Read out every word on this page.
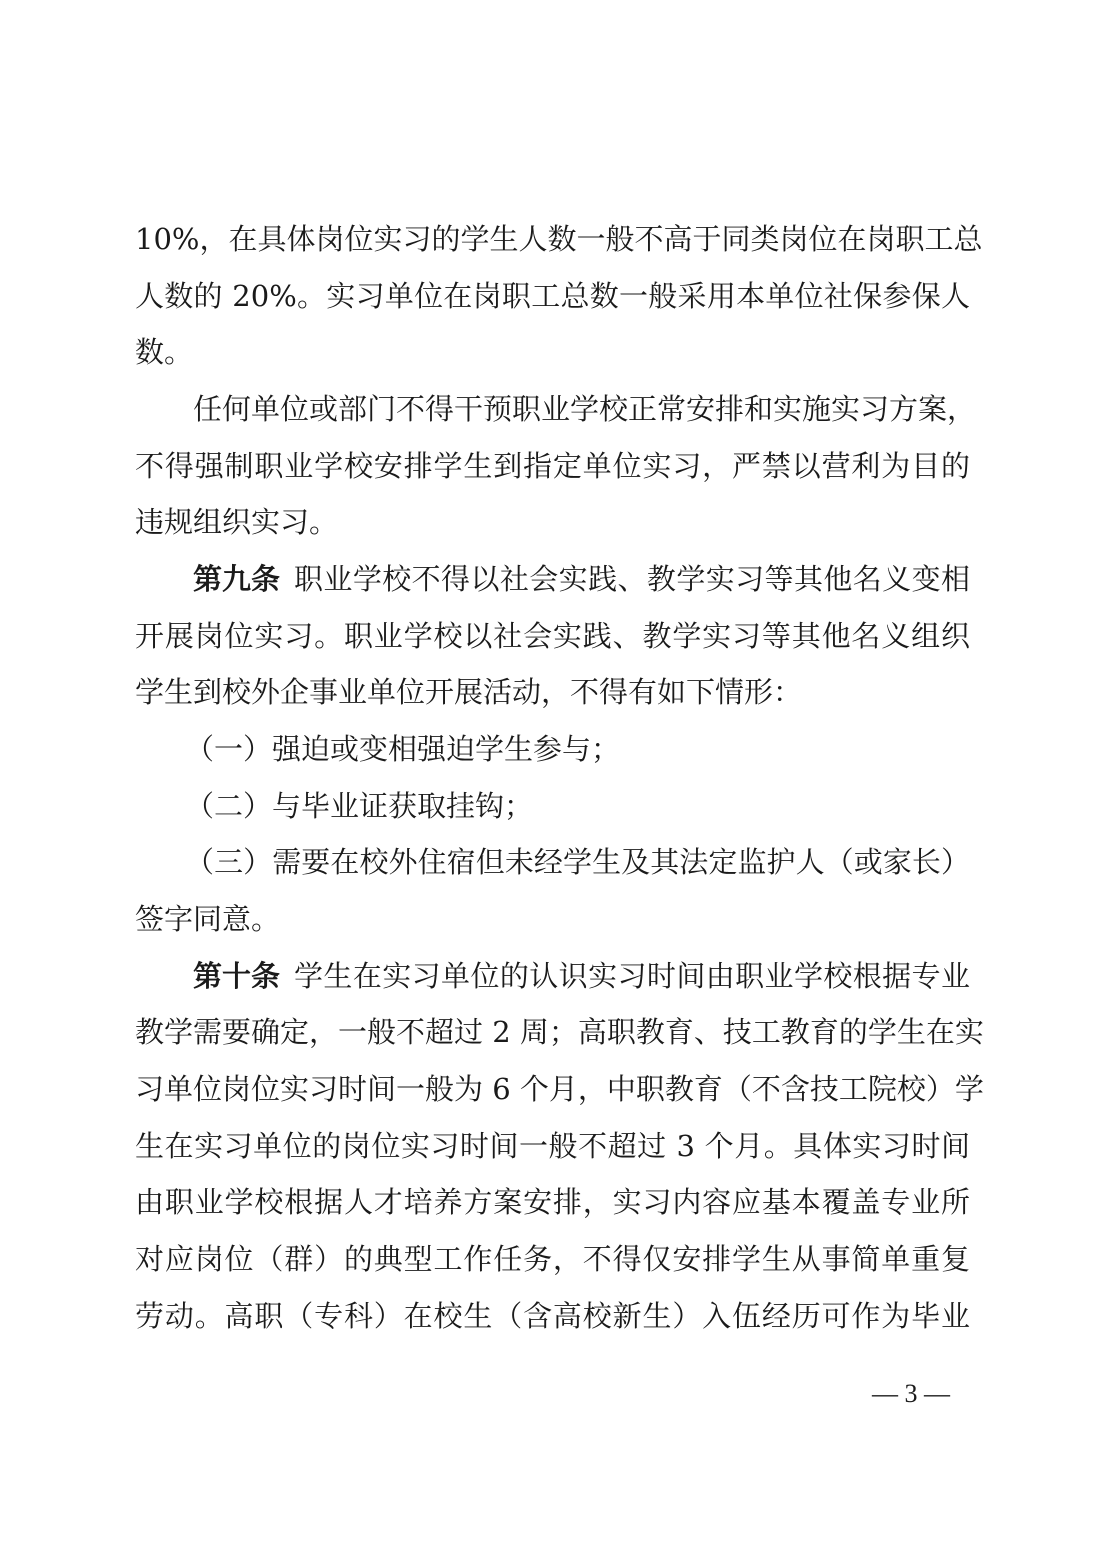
10%，在具体岗位实习的学生人数一般不高于同类岗位在岗职工总
人数的 20%。实习单位在岗职工总数一般采用本单位社保参保人
数。
任何单位或部门不得干预职业学校正常安排和实施实习方案，
不得强制职业学校安排学生到指定单位实习，严禁以营利为目的
违规组织实习。
第九条 职业学校不得以社会实践、教学实习等其他名义变相
开展岗位实习。职业学校以社会实践、教学实习等其他名义组织
学生到校外企事业单位开展活动，不得有如下情形：
（一）强迫或变相强迫学生参与；
（二）与毕业证获取挂钩；
（三）需要在校外住宿但未经学生及其法定监护人（或家长）
签字同意。
第十条 学生在实习单位的认识实习时间由职业学校根据专业
教学需要确定，一般不超过 2 周；高职教育、技工教育的学生在实
习单位岗位实习时间一般为 6 个月，中职教育（不含技工院校）学
生在实习单位的岗位实习时间一般不超过 3 个月。具体实习时间
由职业学校根据人才培养方案安排，实习内容应基本覆盖专业所
对应岗位（群）的典型工作任务，不得仅安排学生从事简单重复
劳动。高职（专科）在校生（含高校新生）入伍经历可作为毕业
— 3 —
